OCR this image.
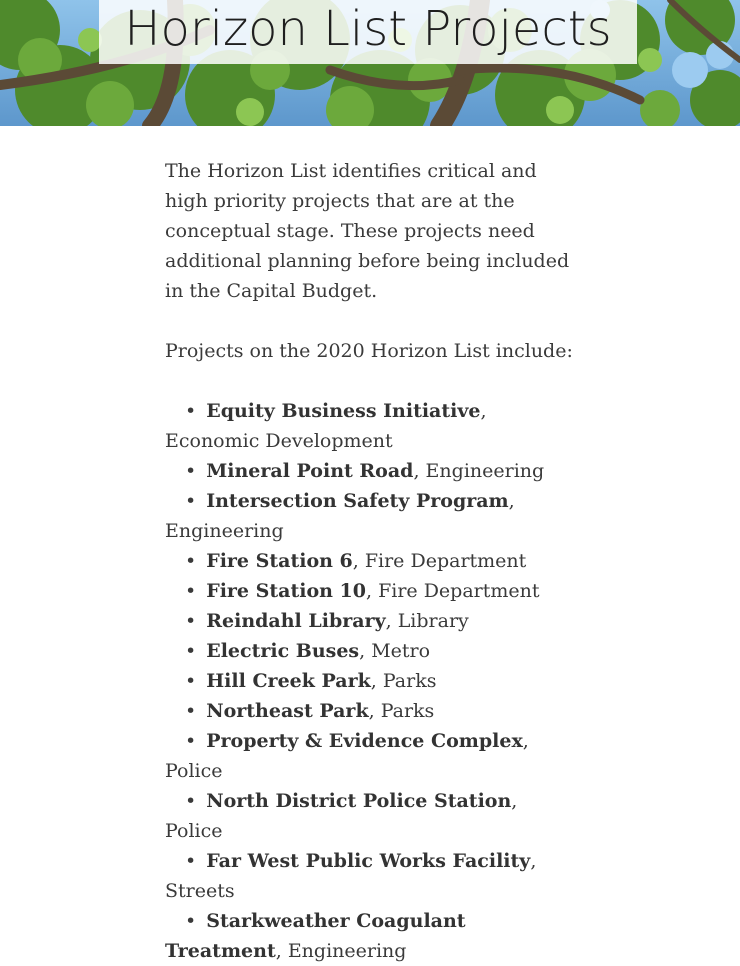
Horizon List Projects

The Horizon List identifies critical and high priority projects that are at the conceptual stage. These projects need additional planning before being included in the Capital Budget.

Projects on the 2020 Horizon List include:

• Equity Business Initiative, Economic Development
• Mineral Point Road, Engineering
• Intersection Safety Program, Engineering
• Fire Station 6, Fire Department
• Fire Station 10, Fire Department
• Reindahl Library, Library
• Electric Buses, Metro
• Hill Creek Park, Parks
• Northeast Park, Parks
• Property & Evidence Complex, Police
• North District Police Station, Police
• Far West Public Works Facility, Streets
• Starkweather Coagulant Treatment, Engineering
